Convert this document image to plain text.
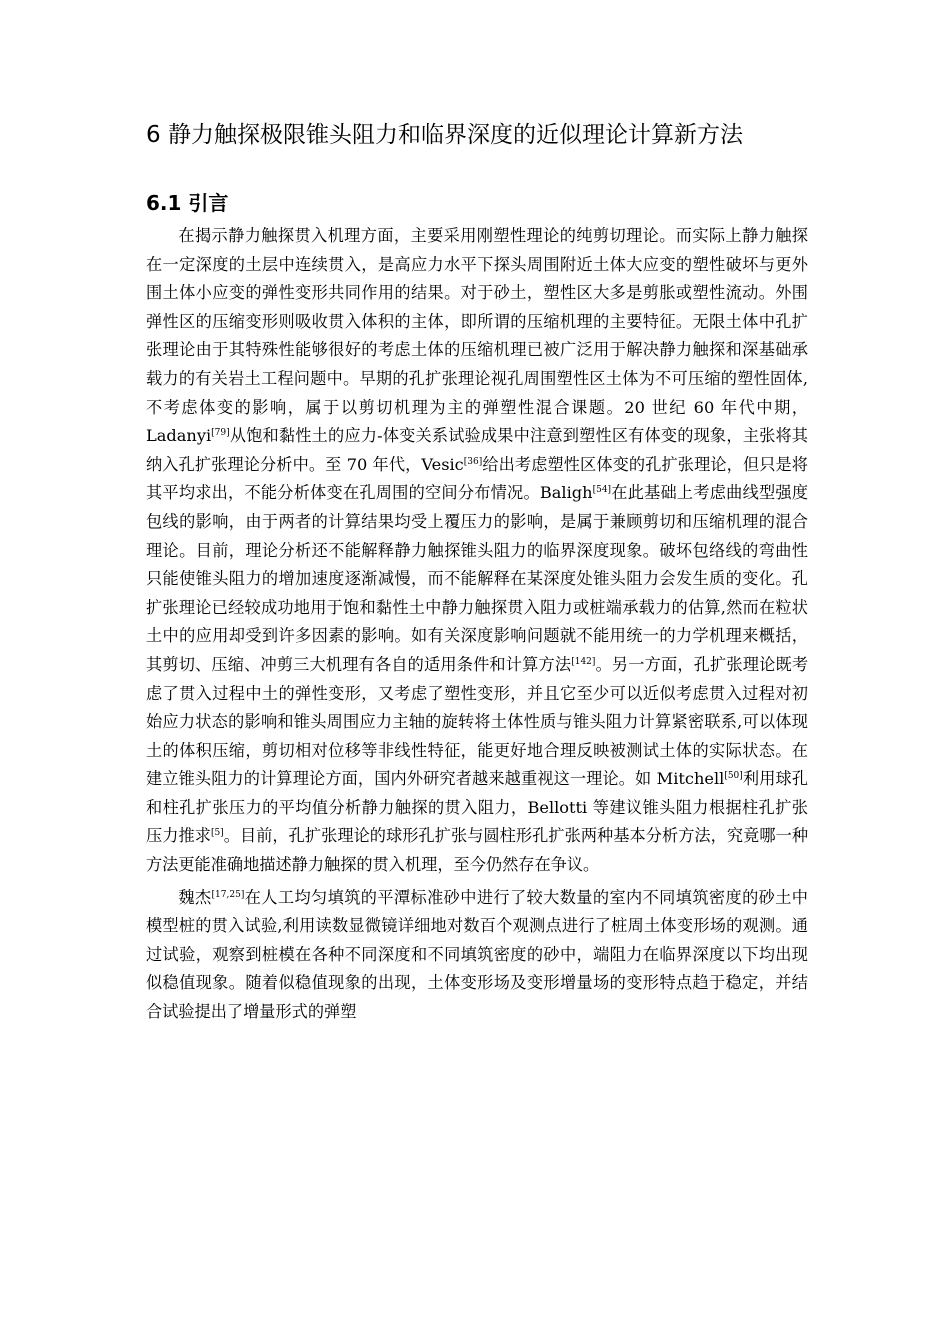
6 静力触探极限锥头阻力和临界深度的近似理论计算新方法
6.1 引言

在揭示静力触探贯入机理方面，主要采用刚塑性理论的纯剪切理论。而实际上静力触探在一定深度的土层中连续贯入，是高应力水平下探头周围附近土体大应变的塑性破坏与更外围土体小应变的弹性变形共同作用的结果。对于砂土，塑性区大多是剪胀或塑性流动。外围弹性区的压缩变形则吸收贯入体积的主体，即所谓的压缩机理的主要特征。无限土体中孔扩张理论由于其特殊性能够很好的考虑土体的压缩机理已被广泛用于解决静力触探和深基础承载力的有关岩土工程问题中。早期的孔扩张理论视孔周围塑性区土体为不可压缩的塑性固体,不考虑体变的影响，属于以剪切机理为主的弹塑性混合课题。20 世纪 60 年代中期，Ladanyi[79]从饱和黏性土的应力-体变关系试验成果中注意到塑性区有体变的现象，主张将其纳入孔扩张理论分析中。至 70 年代，Vesic[36]给出考虑塑性区体变的孔扩张理论，但只是将其平均求出，不能分析体变在孔周围的空间分布情况。Baligh[54]在此基础上考虑曲线型强度包线的影响，由于两者的计算结果均受上覆压力的影响，是属于兼顾剪切和压缩机理的混合理论。目前，理论分析还不能解释静力触探锥头阻力的临界深度现象。破坏包络线的弯曲性只能使锥头阻力的增加速度逐渐减慢，而不能解释在某深度处锥头阻力会发生质的变化。孔扩张理论已经较成功地用于饱和黏性土中静力触探贯入阻力或桩端承载力的估算,然而在粒状土中的应用却受到许多因素的影响。如有关深度影响问题就不能用统一的力学机理来概括，其剪切、压缩、冲剪三大机理有各自的适用条件和计算方法[142]。另一方面，孔扩张理论既考虑了贯入过程中土的弹性变形，又考虑了塑性变形，并且它至少可以近似考虑贯入过程对初始应力状态的影响和锥头周围应力主轴的旋转将土体性质与锥头阻力计算紧密联系,可以体现土的体积压缩，剪切相对位移等非线性特征，能更好地合理反映被测试土体的实际状态。在建立锥头阻力的计算理论方面，国内外研究者越来越重视这一理论。如 Mitchell[50]利用球孔和柱孔扩张压力的平均值分析静力触探的贯入阻力，Bellotti 等建议锥头阻力根据柱孔扩张压力推求[5]。目前，孔扩张理论的球形孔扩张与圆柱形孔扩张两种基本分析方法，究竟哪一种方法更能准确地描述静力触探的贯入机理，至今仍然存在争议。

魏杰[17,25]在人工均匀填筑的平潭标准砂中进行了较大数量的室内不同填筑密度的砂土中模型桩的贯入试验,利用读数显微镜详细地对数百个观测点进行了桩周土体变形场的观测。通过试验，观察到桩模在各种不同深度和不同填筑密度的砂中，端阻力在临界深度以下均出现似稳值现象。随着似稳值现象的出现，土体变形场及变形增量场的变形特点趋于稳定，并结合试验提出了增量形式的弹塑
